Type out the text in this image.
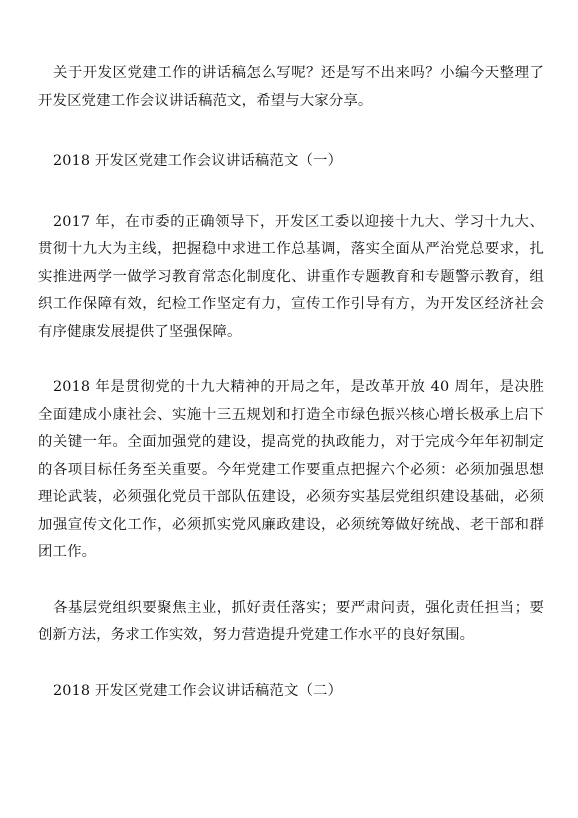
关于开发区党建工作的讲话稿怎么写呢？还是写不出来吗？小编今天整理了开发区党建工作会议讲话稿范文，希望与大家分享。

2018 开发区党建工作会议讲话稿范文（一）

2017 年，在市委的正确领导下，开发区工委以迎接十九大、学习十九大、贯彻十九大为主线，把握稳中求进工作总基调，落实全面从严治党总要求，扎实推进两学一做学习教育常态化制度化、讲重作专题教育和专题警示教育，组织工作保障有效，纪检工作坚定有力，宣传工作引导有方，为开发区经济社会有序健康发展提供了坚强保障。

2018 年是贯彻党的十九大精神的开局之年，是改革开放 40 周年，是决胜全面建成小康社会、实施十三五规划和打造全市绿色振兴核心增长极承上启下的关键一年。全面加强党的建设，提高党的执政能力，对于完成今年年初制定的各项目标任务至关重要。今年党建工作要重点把握六个必须：必须加强思想理论武装，必须强化党员干部队伍建设，必须夯实基层党组织建设基础，必须加强宣传文化工作，必须抓实党风廉政建设，必须统筹做好统战、老干部和群团工作。

各基层党组织要聚焦主业，抓好责任落实；要严肃问责，强化责任担当；要创新方法，务求工作实效，努力营造提升党建工作水平的良好氛围。

2018 开发区党建工作会议讲话稿范文（二）
